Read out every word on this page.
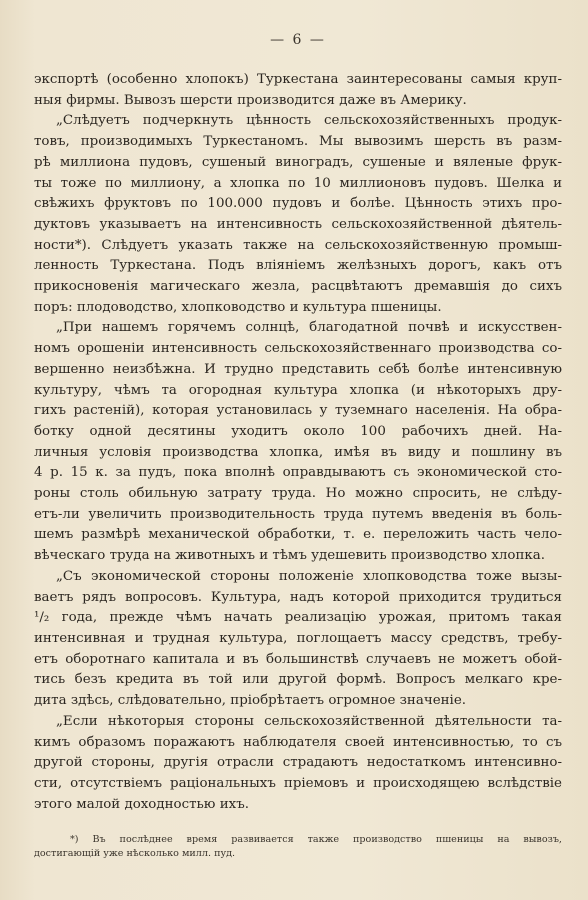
— 6 —
экспортѣ (особенно хлопокъ) Туркестана заинтересованы самыя круп-
ныя фирмы. Вывозъ шерсти производится даже въ Америку.
„Слѣдуетъ подчеркнуть цѣнность сельскохозяйственныхъ продук-
товъ, производимыхъ Туркестаномъ. Мы вывозимъ шерсть въ разм-
рѣ миллиона пудовъ, сушеный виноградъ, сушеные и вяленые фрук-
ты тоже по миллиону, а хлопка по 10 миллионовъ пудовъ. Шелка и
свѣжихъ фруктовъ по 100.000 пудовъ и болѣе. Цѣнность этихъ про-
дуктовъ указываетъ на интенсивность сельскохозяйственной дѣятель-
ности*). Слѣдуетъ указать также на сельскохозяйственную промыш-
ленность Туркестана. Подъ вліяніемъ желѣзныхъ дорогъ, какъ отъ
прикосновенія магическаго жезла, расцвѣтаютъ дремавшія до сихъ
поръ: плодоводство, хлопководство и культура пшеницы.
„При нашемъ горячемъ солнцѣ, благодатной почвѣ и искусствен-
номъ орошеніи интенсивность сельскохозяйственнаго производства со-
вершенно неизбѣжна. И трудно представить себѣ болѣе интенсивную
культуру, чѣмъ та огородная культура хлопка (и нѣкоторыхъ дру-
гихъ растеній), которая установилась у туземнаго населенія. На обра-
ботку одной десятины уходитъ около 100 рабочихъ дней. На-
личныя условія производства хлопка, имѣя въ виду и пошлину въ
4 р. 15 к. за пудъ, пока вполнѣ оправдываютъ съ экономической сто-
роны столь обильную затрату труда. Но можно спросить, не слѣду-
етъ-ли увеличить производительность труда путемъ введенія въ боль-
шемъ размѣрѣ механической обработки, т. е. переложить часть чело-
вѣческаго труда на животныхъ и тѣмъ удешевить производство хлопка.
„Съ экономической стороны положеніе хлопководства тоже вызы-
ваетъ рядъ вопросовъ. Культура, надъ которой приходится трудиться
¹/₂ года, прежде чѣмъ начать реализацію урожая, притомъ такая
интенсивная и трудная культура, поглощаетъ массу средствъ, требу-
етъ оборотнаго капитала и въ большинствѣ случаевъ не можетъ обой-
тись безъ кредита въ той или другой формѣ. Вопросъ мелкаго кре-
дита здѣсь, слѣдовательно, пріобрѣтаетъ огромное значеніе.
„Если нѣкоторыя стороны сельскохозяйственной дѣятельности та-
кимъ образомъ поражаютъ наблюдателя своей интенсивностью, то съ
другой стороны, другія отрасли страдаютъ недостаткомъ интенсивно-
сти, отсутствіемъ раціональныхъ пріемовъ и происходящею вслѣдствіе
этого малой доходностью ихъ.
*) Въ послѣднее время развивается также производство пшеницы на вывозъ,
достигающій уже нѣсколько милл. пуд.
